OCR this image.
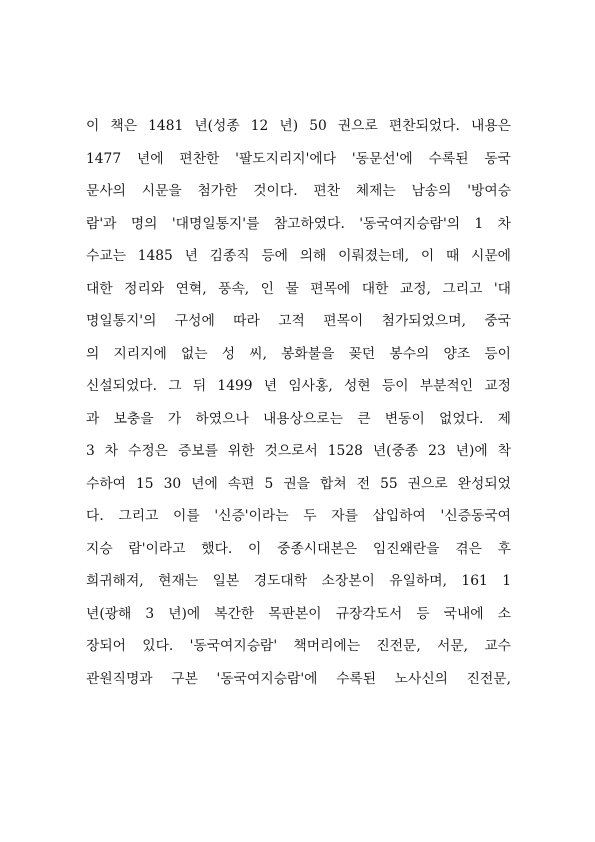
이 책은 1481 년(성종 12 년) 50 권으로 편찬되었다. 내용은
1477 년에 편찬한 '팔도지리지'에다 '동문선'에 수록된 동국
문사의 시문을 첨가한 것이다. 편찬 체제는 남송의 '방여승
람'과 명의 '대명일통지'를 참고하였다. '동국여지승람'의 1 차
수교는 1485 년 김종직 등에 의해 이뤄졌는데, 이 때 시문에
대한 정리와 연혁, 풍속, 인 물 편목에 대한 교정, 그리고 '대
명일통지'의 구성에 따라 고적 편목이 첨가되었으며, 중국
의 지리지에 없는 성 씨, 봉화불을 꽂던 봉수의 양조 등이
신설되었다. 그 뒤 1499 년 임사홍, 성현 등이 부분적인 교정
과 보충을 가 하였으나 내용상으로는 큰 변동이 없었다. 제
3 차 수정은 증보를 위한 것으로서 1528 년(중종 23 년)에 착
수하여 15 30 년에 속편 5 권을 합쳐 전 55 권으로 완성되었
다. 그리고 이를 '신증'이라는 두 자를 삽입하여 '신증동국여
지승 람'이라고 했다. 이 중종시대본은 임진왜란을 겪은 후
희귀해져, 현재는 일본 경도대학 소장본이 유일하며, 161 1
년(광해 3 년)에 복간한 목판본이 규장각도서 등 국내에 소
장되어 있다. '동국여지승람' 책머리에는 진전문, 서문, 교수
관원직명과 구본 '동국여지승람'에 수록된 노사신의 진전문,
